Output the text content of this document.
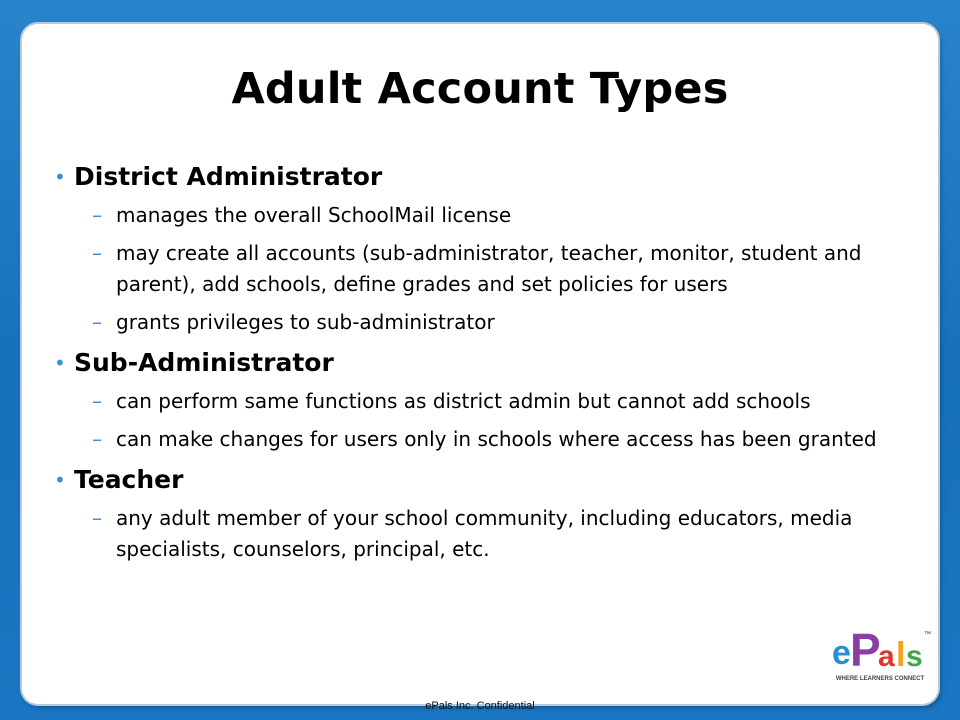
Adult Account Types
• District Administrator
– manages the overall SchoolMail license
– may create all accounts (sub-administrator, teacher, monitor, student and parent), add schools, define grades and set policies for users
– grants privileges to sub-administrator
• Sub-Administrator
– can perform same functions as district admin but cannot add schools
– can make changes for users only in schools where access has been granted
• Teacher
– any adult member of your school community, including educators, media specialists, counselors, principal, etc.
e P
a l s
™
WHERE LEARNERS CONNECT
ePals Inc. Confidential
